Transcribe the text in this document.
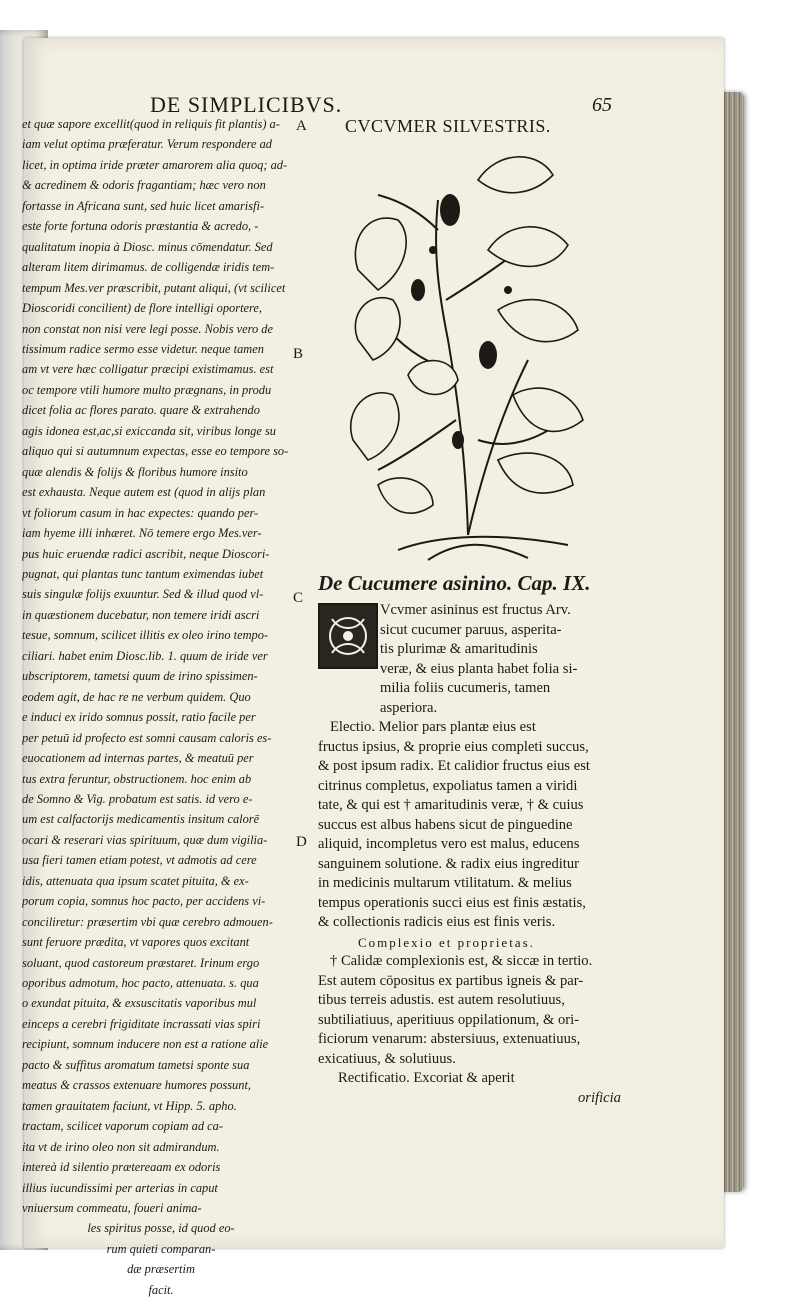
DE SIMPLICIBVS.	65
et quæ sapore excellit(quod in reliquis fit plantis) a-
iam velut optima præferatur. Verum respondere ad
licet, in optima iride præter amarorem alia quoq; ad-
& acredinem & odoris fragantiam; hæc vero non
fortasse in Africana sunt, sed huic licet amarisfi-
este forte fortuna odoris præstantia & acredo, -
qualitatum inopia à Diosc. minus cōmendatur. Sed
alteram litem dirimamus. de colligendæ iridis tem-
tempum Mes.ver præscribit, putant aliqui, (vt scilicet
Dioscoridi concilient) de flore intelligi oportere,
non constat non nisi vere legi posse. Nobis vero de
tissimum radice sermo esse videtur. neque tamen
am vt vere hæc colligatur præcipi existimamus. est
oc tempore vtili humore multo prægnans, in produ
dicet folia ac flores parato. quare & extrahendo
agis idonea est,ac,si exiccanda sit, viribus longe su
aliquo qui si autumnum expectas, esse eo tempore so-
quæ alendis & folijs & floribus humore insito
est exhausta. Neque autem est (quod in alijs plan
vt foliorum casum in hac expectes: quando per-
iam hyeme illi inhæret. Nō temere ergo Mes.ver-
pus huic eruendæ radici ascribit, neque Dioscori-
pugnat, qui plantas tunc tantum eximendas iubet
suis singulæ folijs exuuntur. Sed & illud quod vl-
in quæstionem ducebatur, non temere iridi ascri
tesue, somnum, scilicet illitis ex oleo irino tempo-
ciliari. habet enim Diosc.lib. 1. quum de iride ver
ubscriptorem, tametsi quum de irino spissimen-
eodem agit, de hac re ne verbum quidem. Quo
e induci ex irido somnus possit, ratio facile per
per petuū id profecto est somni causam caloris es-
euocationem ad internas partes, & meatuū per
tus extra feruntur, obstructionem. hoc enim ab
de Somno & Vig. probatum est satis. id vero e-
um est calfactorijs medicamentis insitum calorē
ocari & reserari vias spirituum, quæ dum vigilia-
usa fieri tamen etiam potest, vt admotis ad cere
idis, attenuata qua ipsum scatet pituita, & ex-
porum copia, somnus hoc pacto, per accidens vi-
conciliretur: præsertim vbi quæ cerebro admouen-
sunt feruore prædita, vt vapores quos excitant
soluant, quod castoreum præstaret. Irinum ergo
oporibus admotum, hoc pacto, attenuata. s. qua
o exundat pituita, & exsuscitatis vaporibus mul
einceps a cerebri frigiditate incrassati vias spiri
recipiunt, somnum inducere non est a ratione alie
pacto & suffitus aromatum tametsi sponte sua
meatus & crassos extenuare humores possunt,
tamen grauitatem faciunt, vt Hipp. 5. apho.
tractam, scilicet vaporum copiam ad ca-
ita vt de irino oleo non sit admirandum.
intereà id silentio prætereaam ex odoris
illius iucundissimi per arterias in caput
vniuersum commeatu, foueri anima-
les spiritus posse, id quod eo-
rum quieti comparan-
dæ præsertim
facit.
A
B
C
D
CVCVMER SILVESTRIS.
De Cucumere asinino. Cap. IX.
Vcvmer asininus est fructus Arv.
sicut cucumer paruus, asperita-
tis plurimæ & amaritudinis
veræ, & eius planta habet folia si-
milia foliis cucumeris, tamen
asperiora.
Electio. Melior pars plantæ eius est
fructus ipsius, & proprie eius completi succus,
& post ipsum radix. Et calidior fructus eius est
citrinus completus, expoliatus tamen a viridi
tate, & qui est † amaritudinis veræ, † & cuius
succus est albus habens sicut de pinguedine
aliquid, incompletus vero est malus, educens
sanguinem solutione. & radix eius ingreditur
in medicinis multarum vtilitatum. & melius
tempus operationis succi eius est finis æstatis,
& collectionis radicis eius est finis veris.
Complexio et proprietas.
† Calidæ complexionis est, & siccæ in tertio.
Est autem cōpositus ex partibus igneis & par-
tibus terreis adustis. est autem resolutiuus,
subtiliatiuus, aperitiuus oppilationum, & ori-
ficiorum venarum: abstersiuus, extenuatiuus,
exicatiuus, & solutiuus.
Rectificatio. Excoriat & aperit
orificia
